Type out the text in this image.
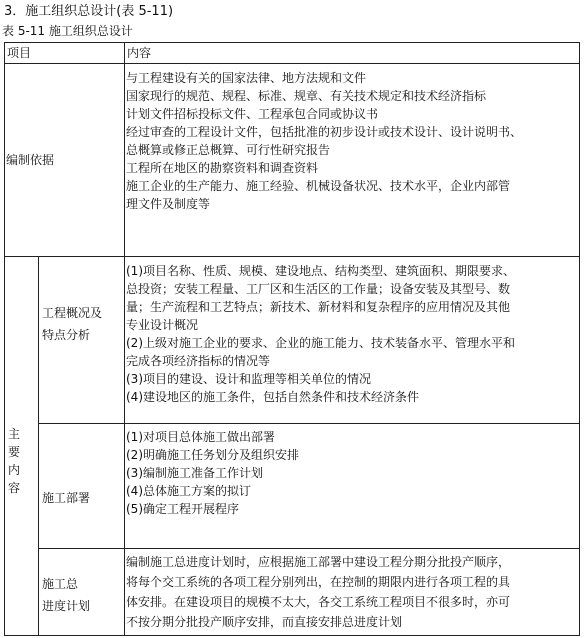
3．施工组织总设计(表 5-11)
表 5-11 施工组织总设计
项目	内容
编制依据
与工程建设有关的国家法律、地方法规和文件
国家现行的规范、规程、标准、规章、有关技术规定和技术经济指标
计划文件招标投标文件、工程承包合同或协议书
经过审查的工程设计文件，包括批准的初步设计或技术设计、设计说明书、
总概算或修正总概算、可行性研究报告
工程所在地区的勘察资料和调查资料
施工企业的生产能力、施工经验、机械设备状况、技术水平，企业内部管
理文件及制度等
主
要
内
容
工程概况及
特点分析
(1)项目名称、性质、规模、建设地点、结构类型、建筑面积、期限要求、
总投资；安装工程量、工厂区和生活区的工作量；设备安装及其型号、数
量；生产流程和工艺特点；新技术、新材料和复杂程序的应用情况及其他
专业设计概况
(2)上级对施工企业的要求、企业的施工能力、技术装备水平、管理水平和
完成各项经济指标的情况等
(3)项目的建设、设计和监理等相关单位的情况
(4)建设地区的施工条件，包括自然条件和技术经济条件
施工部署
(1)对项目总体施工做出部署
(2)明确施工任务划分及组织安排
(3)编制施工准备工作计划
(4)总体施工方案的拟订
(5)确定工程开展程序
施工总
进度计划
编制施工总进度计划时，应根据施工部署中建设工程分期分批投产顺序，
将每个交工系统的各项工程分别列出，在控制的期限内进行各项工程的具
体安排。在建设项目的规模不太大，各交工系统工程项目不很多时，亦可
不按分期分批投产顺序安排，而直接安排总进度计划
